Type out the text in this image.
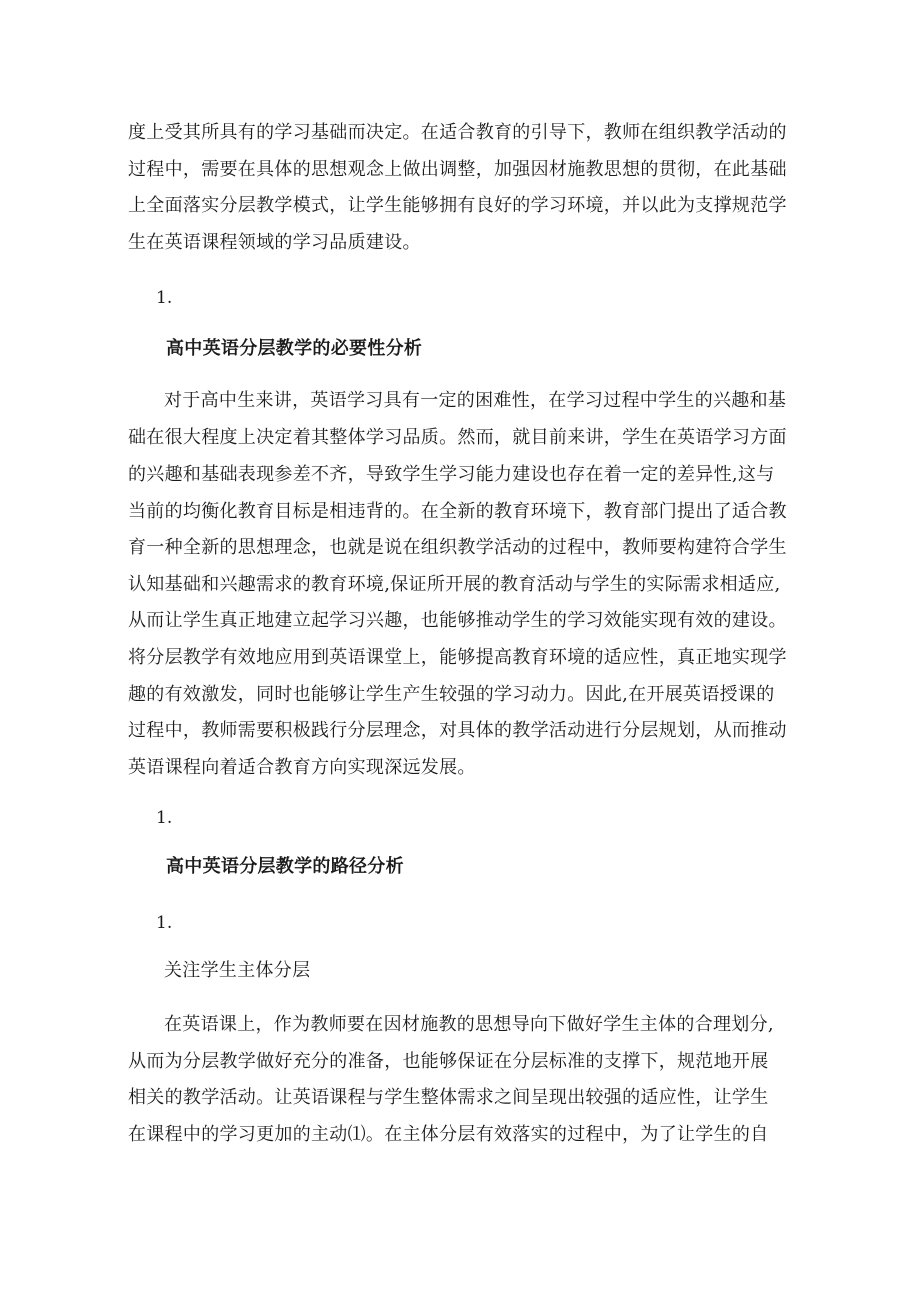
度上受其所具有的学习基础而决定。在适合教育的引导下，教师在组织教学活动的
过程中，需要在具体的思想观念上做出调整，加强因材施教思想的贯彻，在此基础
上全面落实分层教学模式，让学生能够拥有良好的学习环境，并以此为支撑规范学
生在英语课程领域的学习品质建设。
1.
高中英语分层教学的必要性分析
对于高中生来讲，英语学习具有一定的困难性，在学习过程中学生的兴趣和基
础在很大程度上决定着其整体学习品质。然而，就目前来讲，学生在英语学习方面
的兴趣和基础表现参差不齐，导致学生学习能力建设也存在着一定的差异性,这与
当前的均衡化教育目标是相违背的。在全新的教育环境下，教育部门提出了适合教
育一种全新的思想理念，也就是说在组织教学活动的过程中，教师要构建符合学生
认知基础和兴趣需求的教育环境,保证所开展的教育活动与学生的实际需求相适应,
从而让学生真正地建立起学习兴趣，也能够推动学生的学习效能实现有效的建设。
将分层教学有效地应用到英语课堂上，能够提高教育环境的适应性，真正地实现学
趣的有效激发，同时也能够让学生产生较强的学习动力。因此,在开展英语授课的
过程中，教师需要积极践行分层理念，对具体的教学活动进行分层规划，从而推动
英语课程向着适合教育方向实现深远发展。
1.
高中英语分层教学的路径分析
1.
关注学生主体分层
在英语课上，作为教师要在因材施教的思想导向下做好学生主体的合理划分,
从而为分层教学做好充分的准备，也能够保证在分层标准的支撑下，规范地开展
相关的教学活动。让英语课程与学生整体需求之间呈现出较强的适应性，让学生
在课程中的学习更加的主动⑴。在主体分层有效落实的过程中，为了让学生的自
